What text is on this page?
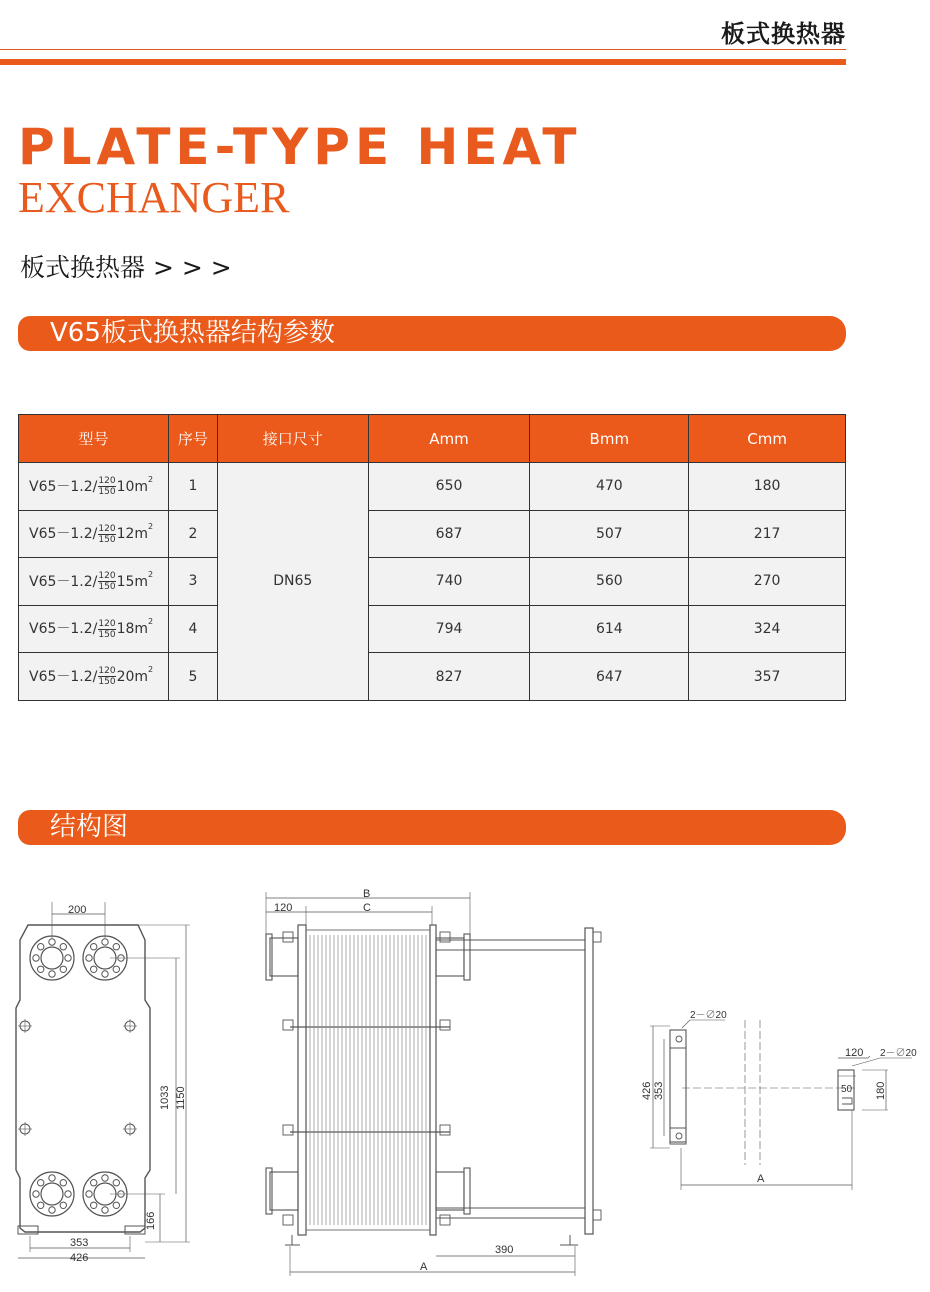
板式换热器
PLATE-TYPE HEAT
EXCHANGER
板式换热器 > > >
V65板式换热器结构参数
型号	序号	接口尺寸	Amm	Bmm	Cmm
$V65-1.2/ \frac{120}{150} 10m^2$	1	DN65	650	470	180
$V65-1.2/ \frac{120}{150} 12m^2$	2		687	507	217
$V65-1.2/ \frac{120}{150} 15m^2$	3		740	560	270
$V65-1.2/ \frac{120}{150} 18m^2$	4		794	614	324
$V65-1.2/ \frac{120}{150} 20m^2$	5		827	647	357
结构图
200
1033 1150
166
353
426
B
C
120
390
A
2－∅20
2－∅20
426 353
120
50 180
A
